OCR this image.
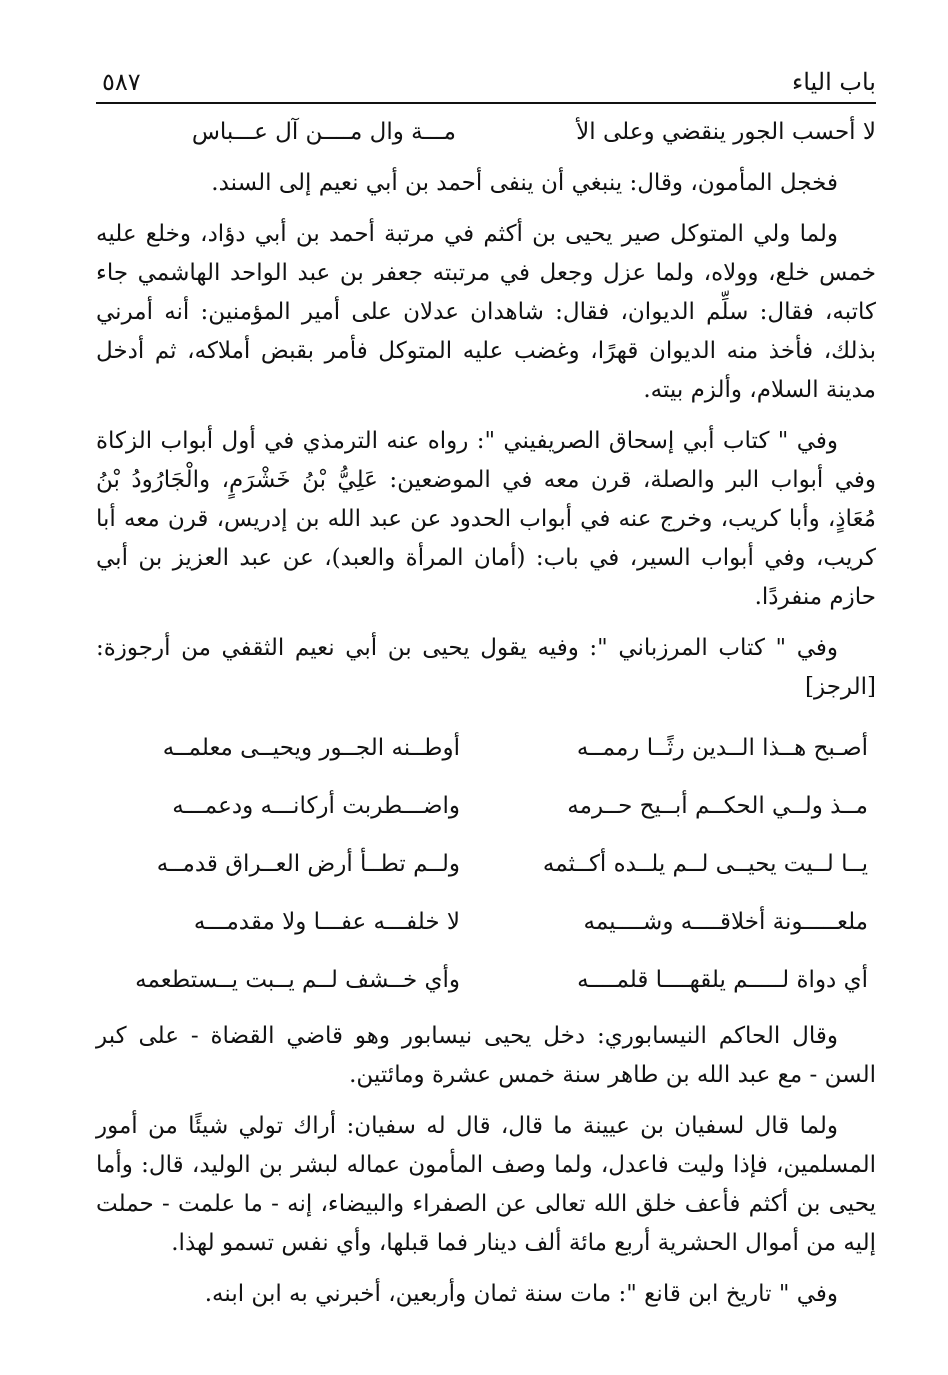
باب الياء
٥٨٧
لا أحسب الجور ينقضي وعلى الأ
مـــة وال مــــن آل عـــباس

فخجل المأمون، وقال: ينبغي أن ينفى أحمد بن أبي نعيم إلى السند.

ولما ولي المتوكل صير يحيى بن أكثم في مرتبة أحمد بن أبي دؤاد، وخلع عليه خمس خلع، وولاه، ولما عزل وجعل في مرتبته جعفر بن عبد الواحد الهاشمي جاء كاتبه، فقال: سلِّم الديوان، فقال: شاهدان عدلان على أمير المؤمنين: أنه أمرني بذلك، فأخذ منه الديوان قهرًا، وغضب عليه المتوكل فأمر بقبض أملاكه، ثم أدخل مدينة السلام، وألزم بيته.

وفي " كتاب أبي إسحاق الصريفيني ": رواه عنه الترمذي في أول أبواب الزكاة وفي أبواب البر والصلة، قرن معه في الموضعين: عَلِيُّ بْنُ خَشْرَمٍ، والْجَارُودُ بْنُ مُعَاذٍ، وأبا كريب، وخرج عنه في أبواب الحدود عن عبد الله بن إدريس، قرن معه أبا كريب، وفي أبواب السير، في باب: (أمان المرأة والعبد)، عن عبد العزيز بن أبي حازم منفردًا.

وفي " كتاب المرزباني ": وفيه يقول يحيى بن أبي نعيم الثقفي من أرجوزة: [الرجز]

أصـبح هــذا الــدين رثًــا رممــه
أوطــنه الجــور ويحيــى معلمــه
مــذ ولــي الحكــم أبــيح حــرمه
واضـــطربت أركانـــه ودعمـــه
يــا لــيت يحيــى لــم يلــده أكــثمه
ولــم تطــأ أرض العــراق قدمــه
ملعـــــونة أخلاقــــه وشــــيمه
لا خلفـــه عفـــا ولا مقدمـــه
أي دواة لـــــم يلقهــــا قلمــــه
وأي خــشف لــم يــبت يــستطعمه

وقال الحاكم النيسابوري: دخل يحيى نيسابور وهو قاضي القضاة - على كبر السن - مع عبد الله بن طاهر سنة خمس عشرة ومائتين.

ولما قال لسفيان بن عيينة ما قال، قال له سفيان: أراك تولي شيئًا من أمور المسلمين، فإذا وليت فاعدل، ولما وصف المأمون عماله لبشر بن الوليد، قال: وأما يحيى بن أكثم فأعف خلق الله تعالى عن الصفراء والبيضاء، إنه - ما علمت - حملت إليه من أموال الحشرية أربع مائة ألف دينار فما قبلها، وأي نفس تسمو لهذا.

وفي " تاريخ ابن قانع ": مات سنة ثمان وأربعين، أخبرني به ابن ابنه.
